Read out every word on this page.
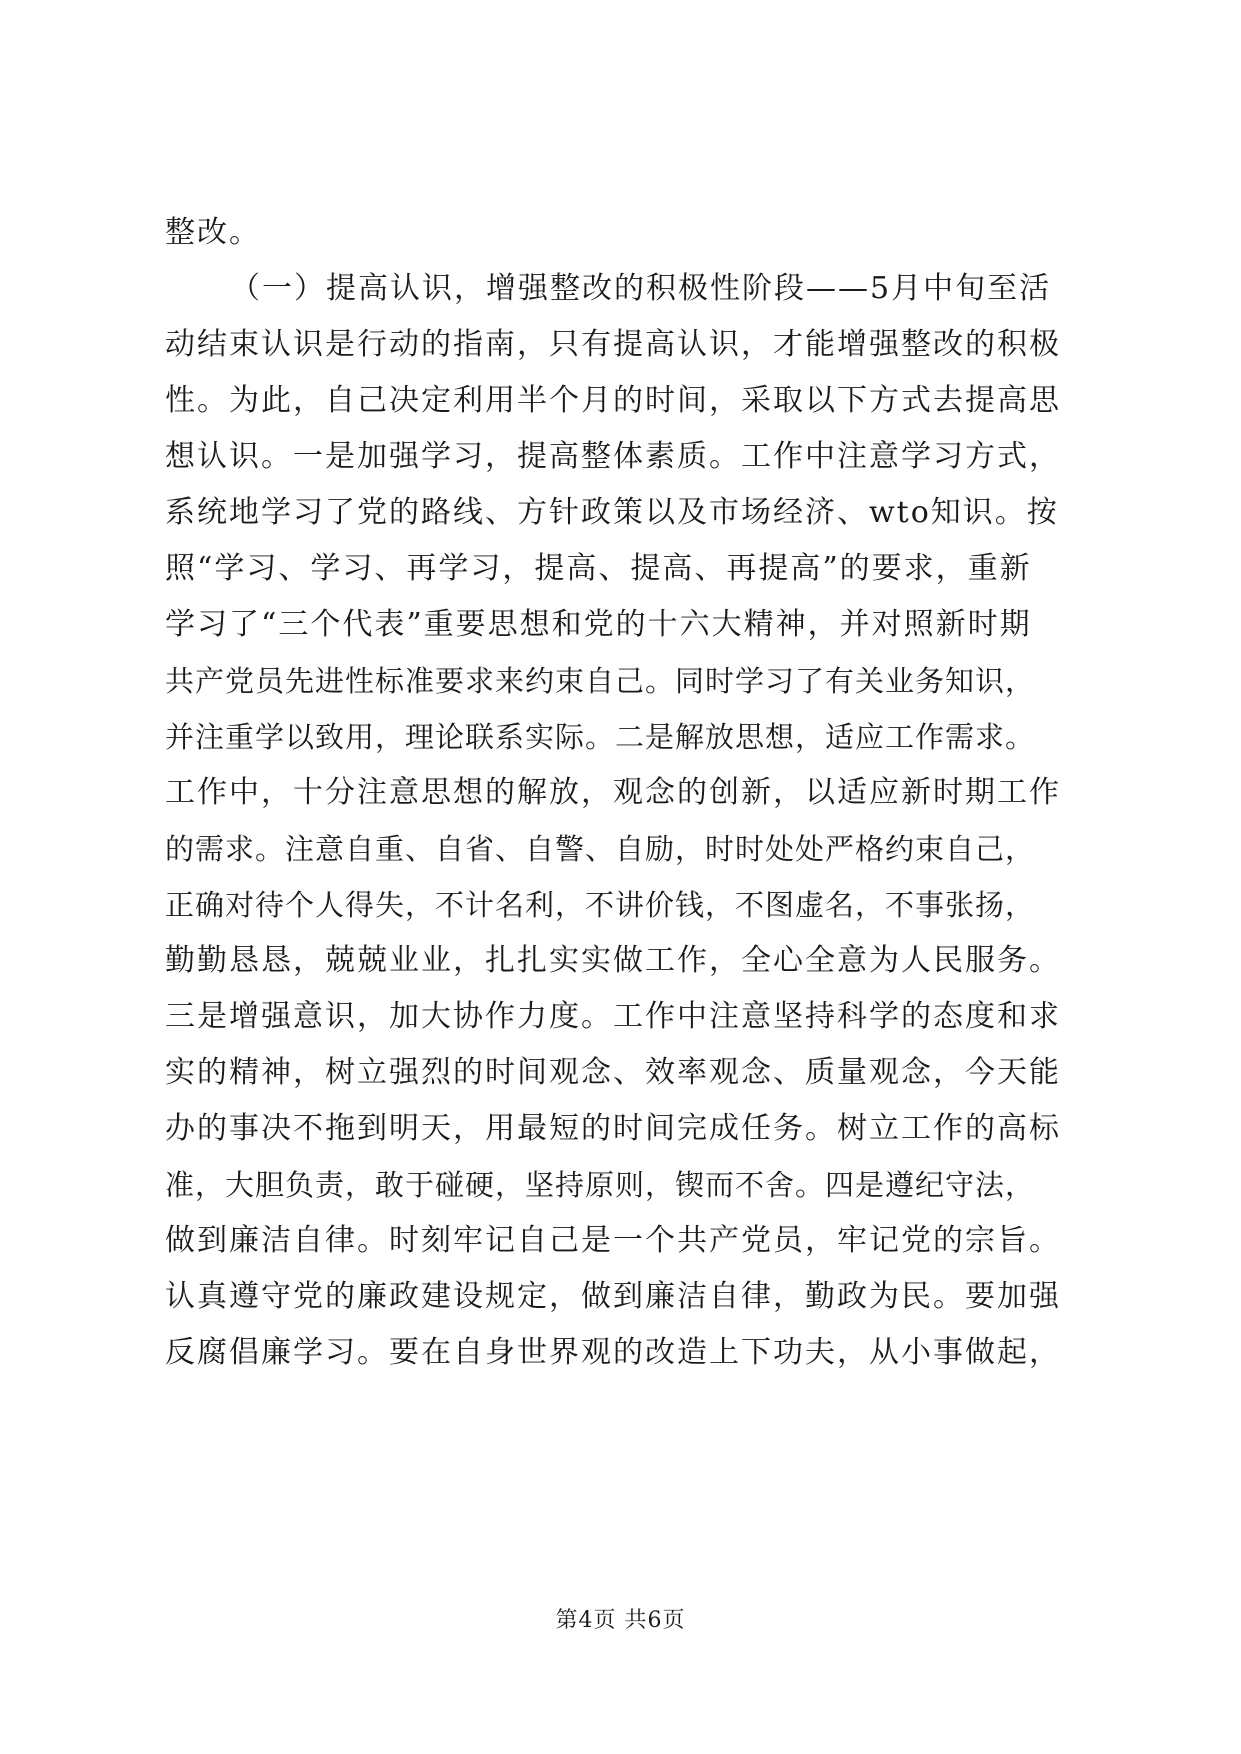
整改。
（一）提高认识，增强整改的积极性阶段——5月中旬至活
动结束认识是行动的指南，只有提高认识，才能增强整改的积极
性。为此，自己决定利用半个月的时间，采取以下方式去提高思
想认识。一是加强学习，提高整体素质。工作中注意学习方式，
系统地学习了党的路线、方针政策以及市场经济、wto知识。按
照“学习、学习、再学习，提高、提高、再提高”的要求，重新
学习了“三个代表”重要思想和党的十六大精神，并对照新时期
共产党员先进性标准要求来约束自己。同时学习了有关业务知识，
并注重学以致用，理论联系实际。二是解放思想，适应工作需求。
工作中，十分注意思想的解放，观念的创新，以适应新时期工作
的需求。注意自重、自省、自警、自励，时时处处严格约束自己，
正确对待个人得失，不计名利，不讲价钱，不图虚名，不事张扬，
勤勤恳恳，兢兢业业，扎扎实实做工作，全心全意为人民服务。
三是增强意识，加大协作力度。工作中注意坚持科学的态度和求
实的精神，树立强烈的时间观念、效率观念、质量观念，今天能
办的事决不拖到明天，用最短的时间完成任务。树立工作的高标
准，大胆负责，敢于碰硬，坚持原则，锲而不舍。四是遵纪守法，
做到廉洁自律。时刻牢记自己是一个共产党员，牢记党的宗旨。
认真遵守党的廉政建设规定，做到廉洁自律，勤政为民。要加强
反腐倡廉学习。要在自身世界观的改造上下功夫，从小事做起，
第4页 共6页
